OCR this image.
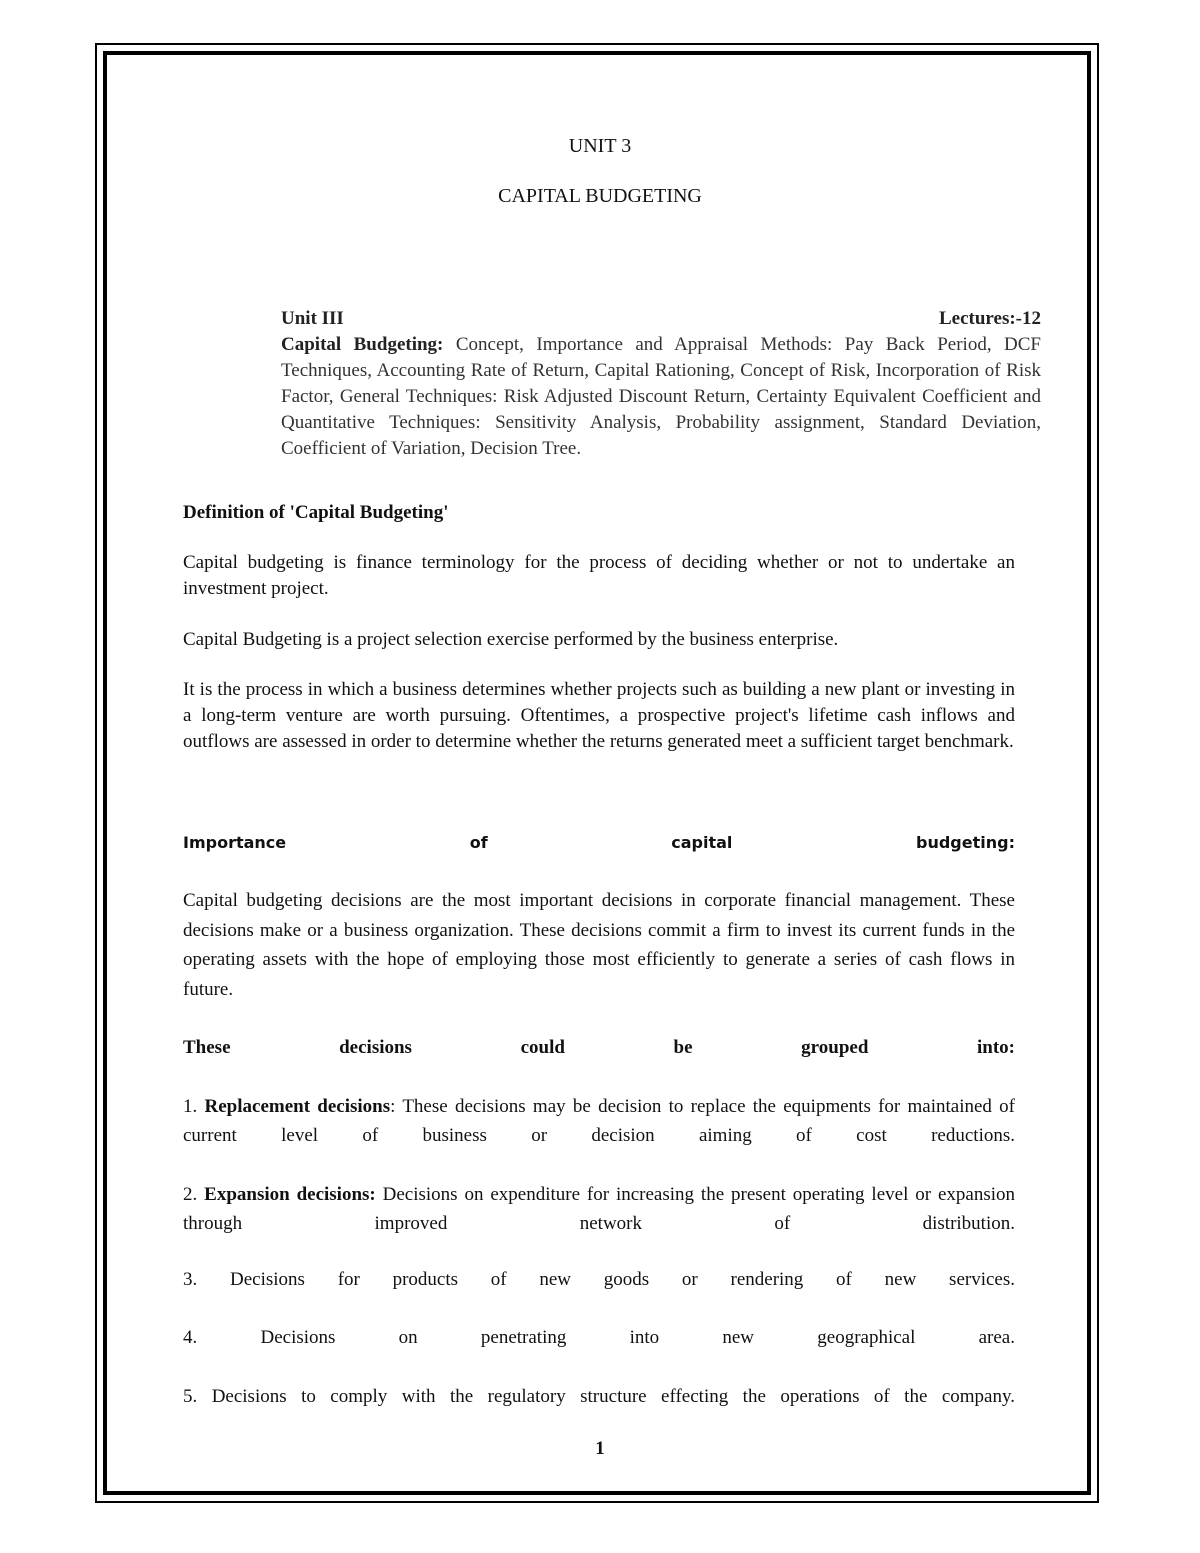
UNIT 3
CAPITAL BUDGETING
Unit III	Lectures:-12
Capital Budgeting: Concept, Importance and Appraisal Methods: Pay Back Period, DCF Techniques, Accounting Rate of Return, Capital Rationing, Concept of Risk, Incorporation of Risk Factor, General Techniques: Risk Adjusted Discount Return, Certainty Equivalent Coefficient and Quantitative Techniques: Sensitivity Analysis, Probability assignment, Standard Deviation, Coefficient of Variation, Decision Tree.
Definition of 'Capital Budgeting'
Capital budgeting is finance terminology for the process of deciding whether or not to undertake an investment project.
Capital Budgeting is a project selection exercise performed by the business enterprise.
It is the process in which a business determines whether projects such as building a new plant or investing in a long-term venture are worth pursuing. Oftentimes, a prospective project's lifetime cash inflows and outflows are assessed in order to determine whether the returns generated meet a sufficient target benchmark.
Importance	of	capital	budgeting:
Capital budgeting decisions are the most important decisions in corporate financial management. These decisions make or a business organization. These decisions commit a firm to invest its current funds in the operating assets with the hope of employing those most efficiently to generate a series of cash flows in future.
These	decisions	could	be	grouped	into:
1. Replacement decisions: These decisions may be decision to replace the equipments for maintained of current level of business or decision aiming of cost reductions.
2. Expansion decisions: Decisions on expenditure for increasing the present operating level or expansion through improved network of distribution.
3. Decisions for products of new goods or rendering of new services.
4. Decisions on penetrating into new geographical area.
5. Decisions to comply with the regulatory structure effecting the operations of the company.
1
